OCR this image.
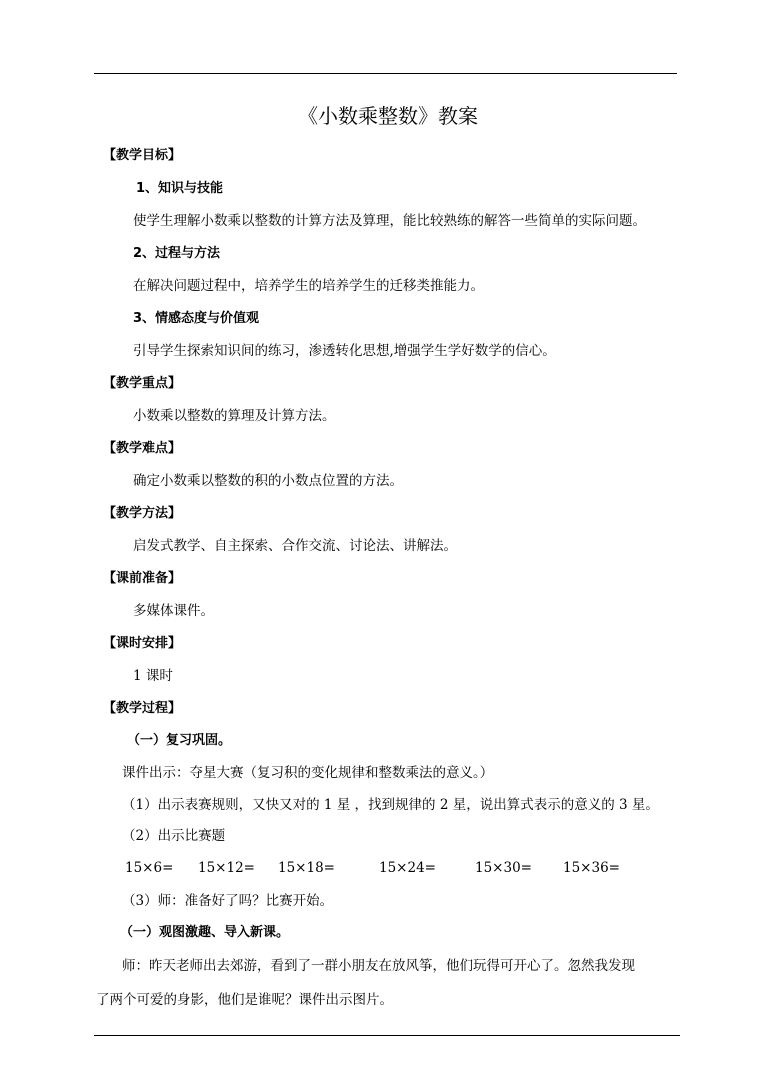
《小数乘整数》教案
【教学目标】
1、知识与技能
使学生理解小数乘以整数的计算方法及算理，能比较熟练的解答一些简单的实际问题。
2、过程与方法
在解决问题过程中，培养学生的培养学生的迁移类推能力。
3、情感态度与价值观
引导学生探索知识间的练习，渗透转化思想,增强学生学好数学的信心。
【教学重点】
小数乘以整数的算理及计算方法。
【教学难点】
确定小数乘以整数的积的小数点位置的方法。
【教学方法】
启发式教学、自主探索、合作交流、讨论法、讲解法。
【课前准备】
多媒体课件。
【课时安排】
1 课时
【教学过程】
（一）复习巩固。
课件出示：夺星大赛（复习积的变化规律和整数乘法的意义。）
（1）出示表赛规则，又快又对的 1 星 ，找到规律的 2 星，说出算式表示的意义的 3 星。
（2）出示比赛题
15×6= 15×12= 15×18=	15×24=	15×30= 15×36=
（3）师：准备好了吗？比赛开始。
（一）观图激趣、导入新课。
师：昨天老师出去郊游，看到了一群小朋友在放风筝，他们玩得可开心了。忽然我发现
了两个可爱的身影，他们是谁呢？课件出示图片。
